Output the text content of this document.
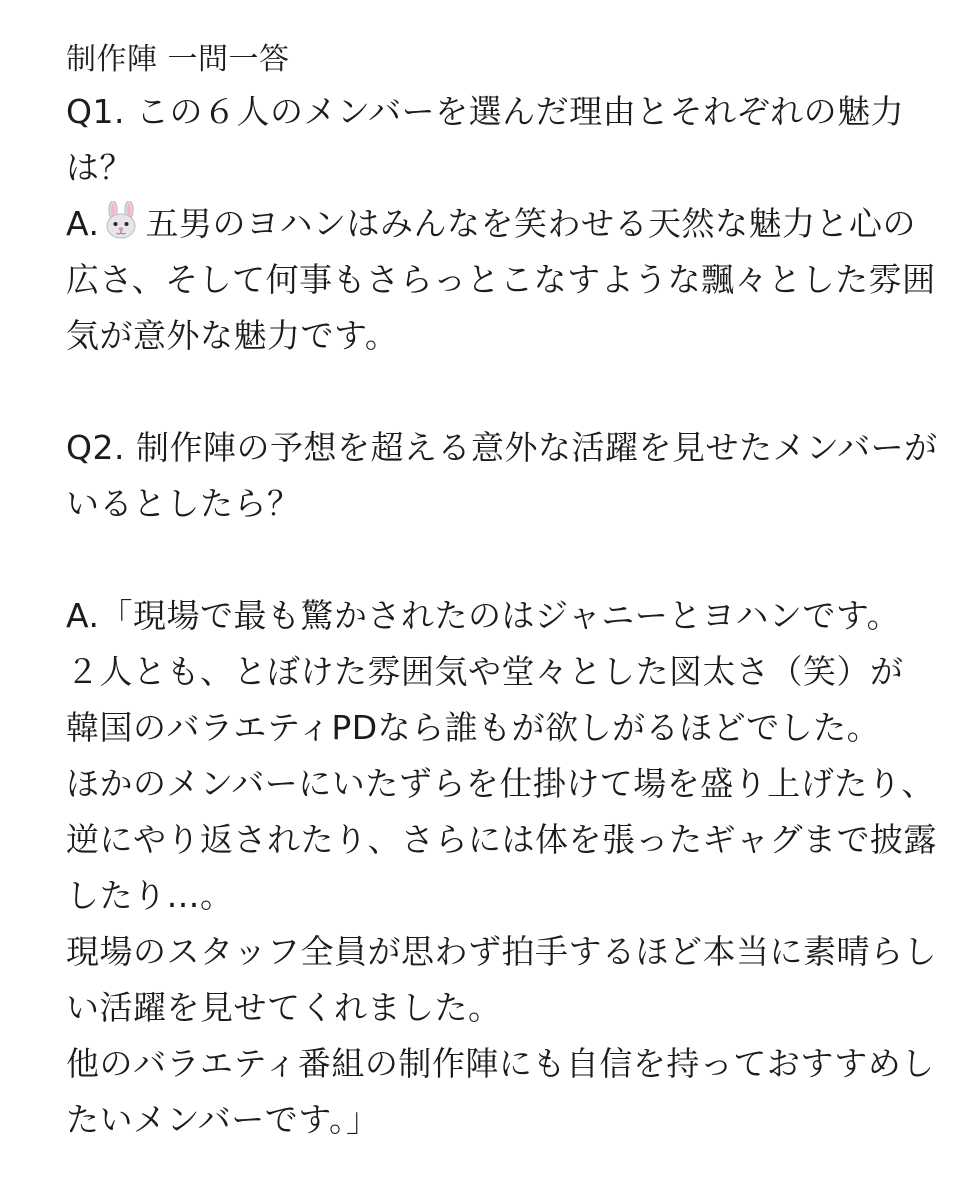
制作陣 一問一答
Q1. この６人のメンバーを選んだ理由とそれぞれの魅力
は？
A. 五男のヨハンはみんなを笑わせる天然な魅力と心の
広さ、そして何事もさらっとこなすような飄々とした雰囲
気が意外な魅力です。
Q2. 制作陣の予想を超える意外な活躍を見せたメンバーが
いるとしたら？
A.「現場で最も驚かされたのはジャニーとヨハンです。
２人とも、とぼけた雰囲気や堂々とした図太さ（笑）が
韓国のバラエティPDなら誰もが欲しがるほどでした。
ほかのメンバーにいたずらを仕掛けて場を盛り上げたり、
逆にやり返されたり、さらには体を張ったギャグまで披露
したり…。
現場のスタッフ全員が思わず拍手するほど本当に素晴らし
い活躍を見せてくれました。
他のバラエティ番組の制作陣にも自信を持っておすすめし
たいメンバーです。」
